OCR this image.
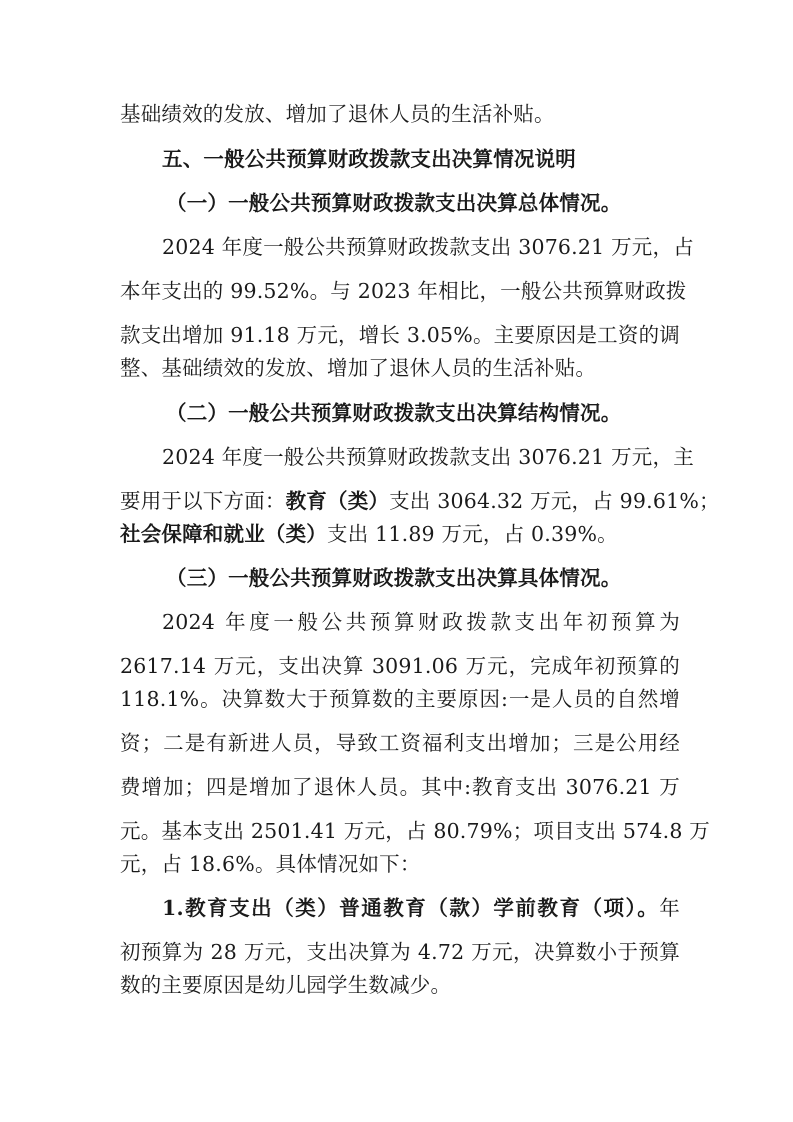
基础绩效的发放、增加了退休人员的生活补贴。
五、一般公共预算财政拨款支出决算情况说明
（一）一般公共预算财政拨款支出决算总体情况。
2024 年度一般公共预算财政拨款支出 3076.21 万元，占
本年支出的 99.52%。与 2023 年相比，一般公共预算财政拨
款支出增加 91.18 万元，增长 3.05%。主要原因是工资的调
整、基础绩效的发放、增加了退休人员的生活补贴。
（二）一般公共预算财政拨款支出决算结构情况。
2024 年度一般公共预算财政拨款支出 3076.21 万元，主
要用于以下方面：教育（类）支出 3064.32 万元，占 99.61%；
社会保障和就业（类）支出 11.89 万元，占 0.39%。
（三）一般公共预算财政拨款支出决算具体情况。
2024 年度一般公共预算财政拨款支出年初预算为
2617.14 万元，支出决算 3091.06 万元，完成年初预算的
118.1%。决算数大于预算数的主要原因:一是人员的自然增
资；二是有新进人员，导致工资福利支出增加；三是公用经
费增加；四是增加了退休人员。其中:教育支出 3076.21 万
元。基本支出 2501.41 万元，占 80.79%；项目支出 574.8 万
元，占 18.6%。具体情况如下：
1.教育支出（类）普通教育（款）学前教育（项）。年
初预算为 28 万元，支出决算为 4.72 万元，决算数小于预算
数的主要原因是幼儿园学生数减少。
